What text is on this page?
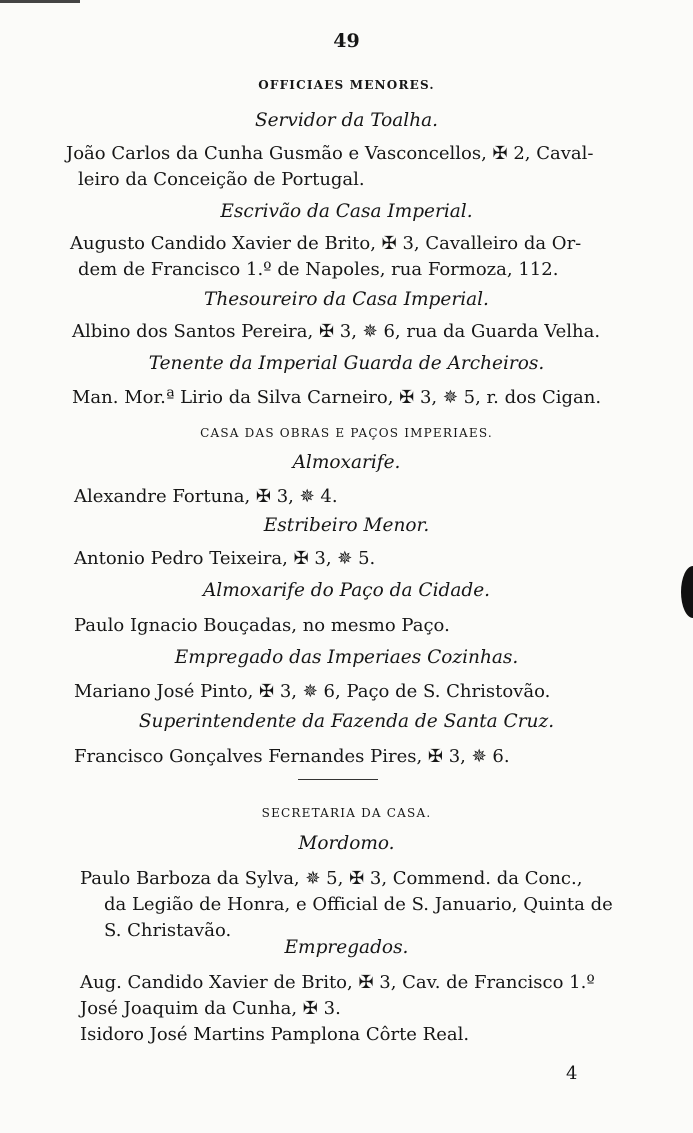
49
OFFICIAES MENORES.
Servidor da Toalha.
João Carlos da Cunha Gusmão e Vasconcellos, ✠ 2, Caval-
leiro da Conceição de Portugal.
Escrivão da Casa Imperial.
Augusto Candido Xavier de Brito, ✠ 3, Cavalleiro da Or-
dem de Francisco 1.º de Napoles, rua Formoza, 112.
Thesoureiro da Casa Imperial.
Albino dos Santos Pereira, ✠ 3, ✵ 6, rua da Guarda Velha.
Tenente da Imperial Guarda de Archeiros.
Man. Mor.ª Lirio da Silva Carneiro, ✠ 3, ✵ 5, r. dos Cigan.
CASA DAS OBRAS E PAÇOS IMPERIAES.
Almoxarife.
Alexandre Fortuna, ✠ 3, ✵ 4.
Estribeiro Menor.
Antonio Pedro Teixeira, ✠ 3, ✵ 5.
Almoxarife do Paço da Cidade.
Paulo Ignacio Bouçadas, no mesmo Paço.
Empregado das Imperiaes Cozinhas.
Mariano José Pinto, ✠ 3, ✵ 6, Paço de S. Christovão.
Superintendente da Fazenda de Santa Cruz.
Francisco Gonçalves Fernandes Pires, ✠ 3, ✵ 6.
SECRETARIA DA CASA.
Mordomo.
Paulo Barboza da Sylva, ✵ 5, ✠ 3, Commend. da Conc.,
da Legião de Honra, e Official de S. Januario, Quinta de
S. Christavão.
Empregados.
Aug. Candido Xavier de Brito, ✠ 3, Cav. de Francisco 1.º
José Joaquim da Cunha, ✠ 3.
Isidoro José Martins Pamplona Côrte Real.
4
